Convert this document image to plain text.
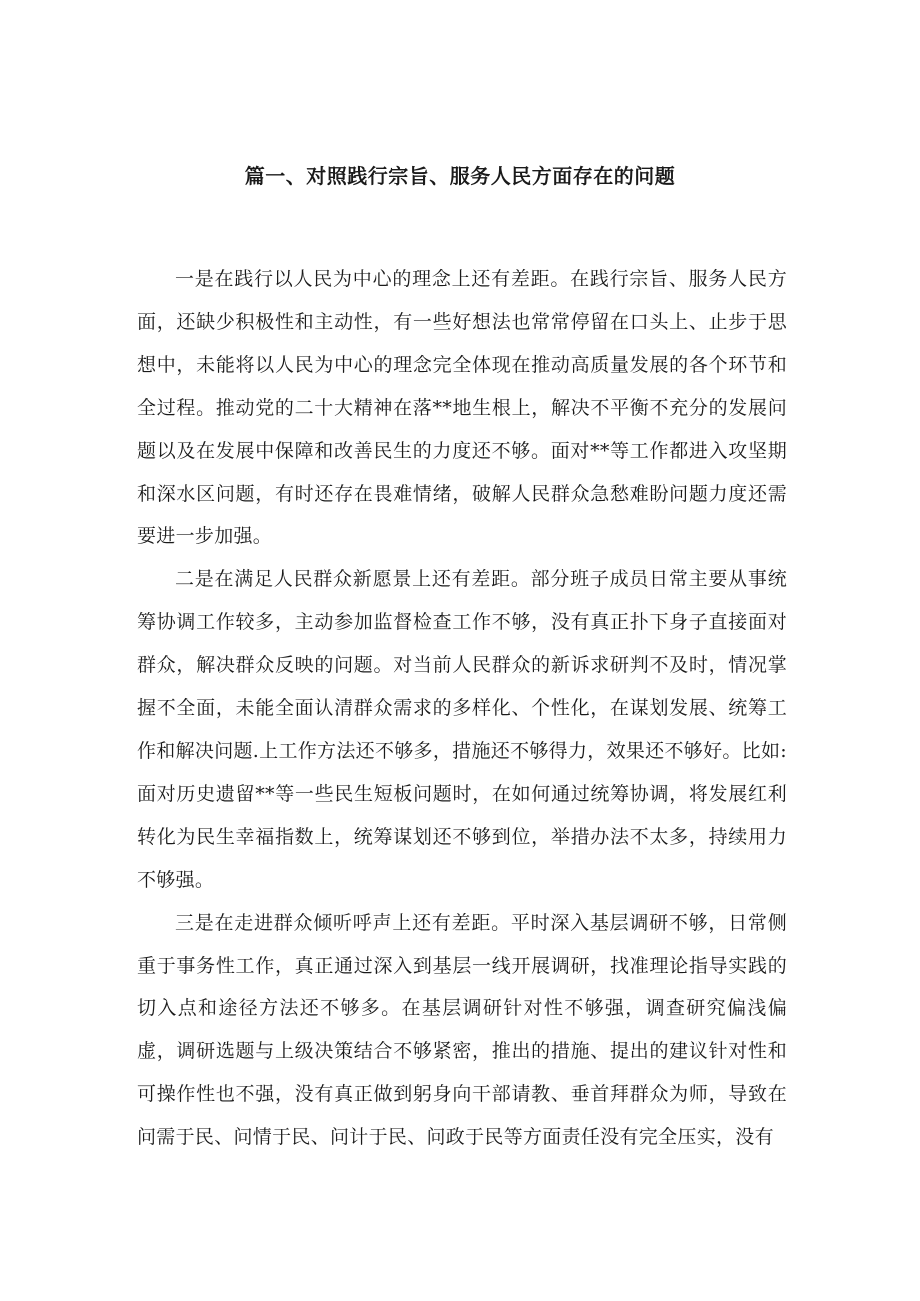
篇一、对照践行宗旨、服务人民方面存在的问题

一是在践行以人民为中心的理念上还有差距。在践行宗旨、服务人民方面，还缺少积极性和主动性，有一些好想法也常常停留在口头上、止步于思想中，未能将以人民为中心的理念完全体现在推动高质量发展的各个环节和全过程。推动党的二十大精神在落**地生根上，解决不平衡不充分的发展问题以及在发展中保障和改善民生的力度还不够。面对**等工作都进入攻坚期和深水区问题，有时还存在畏难情绪，破解人民群众急愁难盼问题力度还需要进一步加强。

二是在满足人民群众新愿景上还有差距。部分班子成员日常主要从事统筹协调工作较多，主动参加监督检查工作不够，没有真正扑下身子直接面对群众，解决群众反映的问题。对当前人民群众的新诉求研判不及时，情况掌握不全面，未能全面认清群众需求的多样化、个性化，在谋划发展、统筹工作和解决问题.上工作方法还不够多，措施还不够得力，效果还不够好。比如:面对历史遗留**等一些民生短板问题时，在如何通过统筹协调，将发展红利转化为民生幸福指数上，统筹谋划还不够到位，举措办法不太多，持续用力不够强。

三是在走进群众倾听呼声上还有差距。平时深入基层调研不够，日常侧重于事务性工作，真正通过深入到基层一线开展调研，找准理论指导实践的切入点和途径方法还不够多。在基层调研针对性不够强，调查研究偏浅偏虚，调研选题与上级决策结合不够紧密，推出的措施、提出的建议针对性和可操作性也不强，没有真正做到躬身向干部请教、垂首拜群众为师，导致在问需于民、问情于民、问计于民、问政于民等方面责任没有完全压实，没有
